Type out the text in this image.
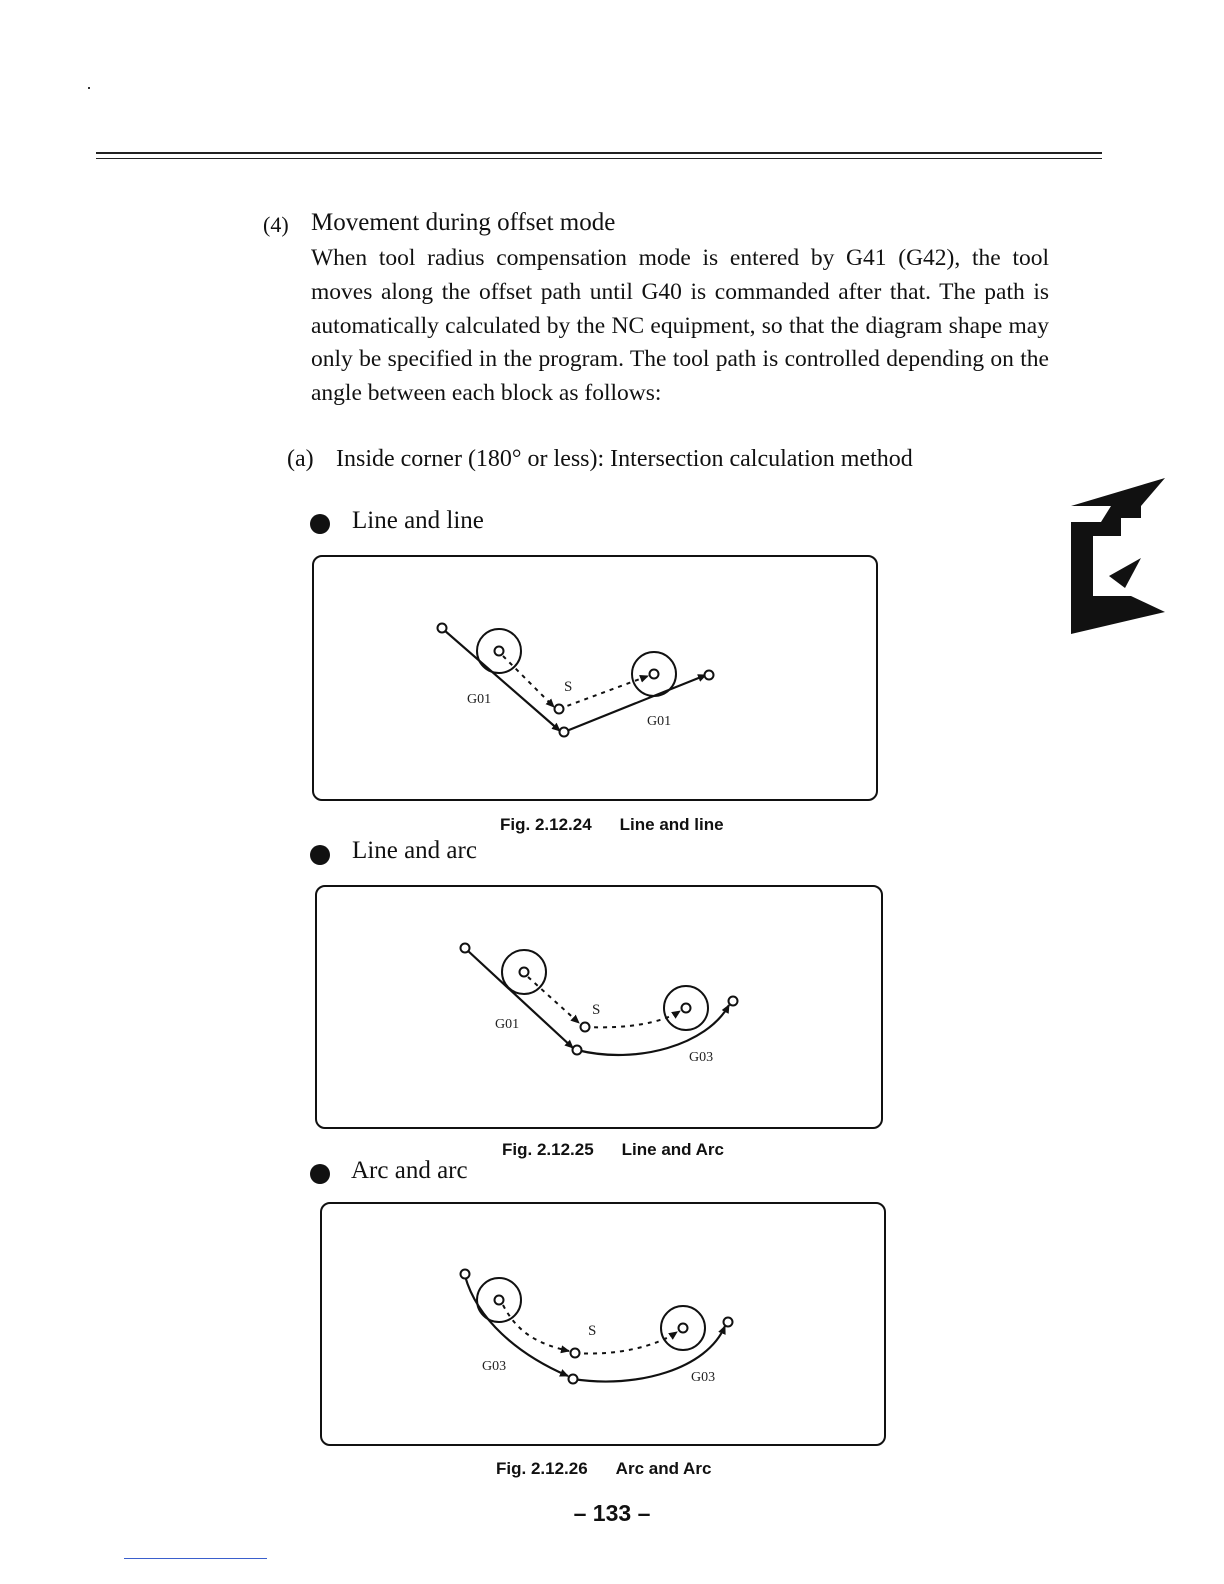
(4) Movement during offset mode

When tool radius compensation mode is entered by G41 (G42), the tool moves along the offset path until G40 is commanded after that. The path is automatically calculated by the NC equipment, so that the diagram shape may only be specified in the program. The tool path is controlled depending on the angle between each block as follows:

(a) Inside corner (180° or less): Intersection calculation method
Line and line
S
G01
G01
Fig. 2.12.24 Line and line
Line and arc
S
G01
G03
Fig. 2.12.25 Line and Arc
Arc and arc
S
G03
G03
Fig. 2.12.26 Arc and Arc
– 133 –
